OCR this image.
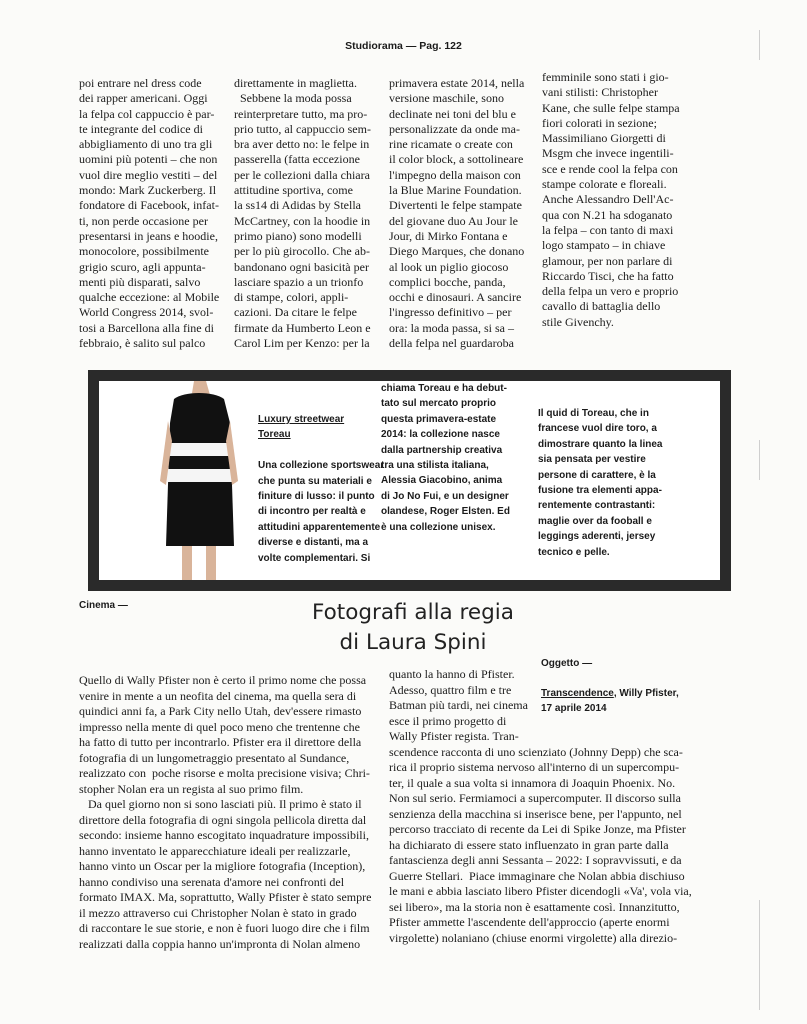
Studiorama — Pag. 122
poi entrare nel dress code
dei rapper americani. Oggi
la felpa col cappuccio è par-
te integrante del codice di
abbigliamento di uno tra gli
uomini più potenti – che non
vuol dire meglio vestiti – del
mondo: Mark Zuckerberg. Il
fondatore di Facebook, infat-
ti, non perde occasione per
presentarsi in jeans e hoodie,
monocolore, possibilmente
grigio scuro, agli appunta-
menti più disparati, salvo
qualche eccezione: al Mobile
World Congress 2014, svol-
tosi a Barcellona alla fine di
febbraio, è salito sul palco
direttamente in maglietta.
Sebbene la moda possa
reinterpretare tutto, ma pro-
prio tutto, al cappuccio sem-
bra aver detto no: le felpe in
passerella (fatta eccezione
per le collezioni dalla chiara
attitudine sportiva, come
la ss14 di Adidas by Stella
McCartney, con la hoodie in
primo piano) sono modelli
per lo più girocollo. Che ab-
bandonano ogni basicità per
lasciare spazio a un trionfo
di stampe, colori, appli-
cazioni. Da citare le felpe
firmate da Humberto Leon e
Carol Lim per Kenzo: per la
primavera estate 2014, nella
versione maschile, sono
declinate nei toni del blu e
personalizzate da onde ma-
rine ricamate o create con
il color block, a sottolineare
l'impegno della maison con
la Blue Marine Foundation.
Divertenti le felpe stampate
del giovane duo Au Jour le
Jour, di Mirko Fontana e
Diego Marques, che donano
al look un piglio giocoso
complici bocche, panda,
occhi e dinosauri. A sancire
l'ingresso definitivo – per
ora: la moda passa, si sa –
della felpa nel guardaroba
femminile sono stati i gio-
vani stilisti: Christopher
Kane, che sulle felpe stampa
fiori colorati in sezione;
Massimiliano Giorgetti di
Msgm che invece ingentili-
sce e rende cool la felpa con
stampe colorate e floreali.
Anche Alessandro Dell'Ac-
qua con N.21 ha sdoganato
la felpa – con tanto di maxi
logo stampato – in chiave
glamour, per non parlare di
Riccardo Tisci, che ha fatto
della felpa un vero e proprio
cavallo di battaglia dello
stile Givenchy.
Luxury streetwear
Toreau

Una collezione sportswear
che punta su materiali e
finiture di lusso: il punto
di incontro per realtà e
attitudini apparentemente
diverse e distanti, ma a
volte complementari. Si
chiama Toreau e ha debut-
tato sul mercato proprio
questa primavera-estate
2014: la collezione nasce
dalla partnership creativa
tra una stilista italiana,
Alessia Giacobino, anima
di Jo No Fui, e un designer
olandese, Roger Elsten. Ed
è una collezione unisex.
Il quid di Toreau, che in
francese vuol dire toro, a
dimostrare quanto la linea
sia pensata per vestire
persone di carattere, è la
fusione tra elementi appa-
rentemente contrastanti:
maglie over da fooball e
leggings aderenti, jersey
tecnico e pelle.
Cinema —	Fotografi alla regia
di Laura Spini
Oggetto —

Transcendence, Willy Pfister,
17 aprile 2014
Quello di Wally Pfister non è certo il primo nome che possa
venire in mente a un neofita del cinema, ma quella sera di
quindici anni fa, a Park City nello Utah, dev'essere rimasto
impresso nella mente di quel poco meno che trentenne che
ha fatto di tutto per incontrarlo. Pfister era il direttore della
fotografia di un lungometraggio presentato al Sundance,
realizzato con  poche risorse e molta precisione visiva; Chri-
stopher Nolan era un regista al suo primo film.
Da quel giorno non si sono lasciati più. Il primo è stato il
direttore della fotografia di ogni singola pellicola diretta dal
secondo: insieme hanno escogitato inquadrature impossibili,
hanno inventato le apparecchiature ideali per realizzarle,
hanno vinto un Oscar per la migliore fotografia (Inception),
hanno condiviso una serenata d'amore nei confronti del
formato IMAX. Ma, soprattutto, Wally Pfister è stato sempre
il mezzo attraverso cui Christopher Nolan è stato in grado
di raccontare le sue storie, e non è fuori luogo dire che i film
realizzati dalla coppia hanno un'impronta di Nolan almeno
quanto la hanno di Pfister.
Adesso, quattro film e tre
Batman più tardi, nei cinema
esce il primo progetto di
Wally Pfister regista. Tran-
scendence racconta di uno scienziato (Johnny Depp) che sca-
rica il proprio sistema nervoso all'interno di un supercompu-
ter, il quale a sua volta si innamora di Joaquin Phoenix. No.
Non sul serio. Fermiamoci a supercomputer. Il discorso sulla
senzienza della macchina si inserisce bene, per l'appunto, nel
percorso tracciato di recente da Lei di Spike Jonze, ma Pfister
ha dichiarato di essere stato influenzato in gran parte dalla
fantascienza degli anni Sessanta – 2022: I sopravvissuti, e da
Guerre Stellari.  Piace immaginare che Nolan abbia dischiuso
le mani e abbia lasciato libero Pfister dicendogli «Va', vola via,
sei libero», ma la storia non è esattamente così. Innanzitutto,
Pfister ammette l'ascendente dell'approccio (aperte enormi
virgolette) nolaniano (chiuse enormi virgolette) alla direzio-
